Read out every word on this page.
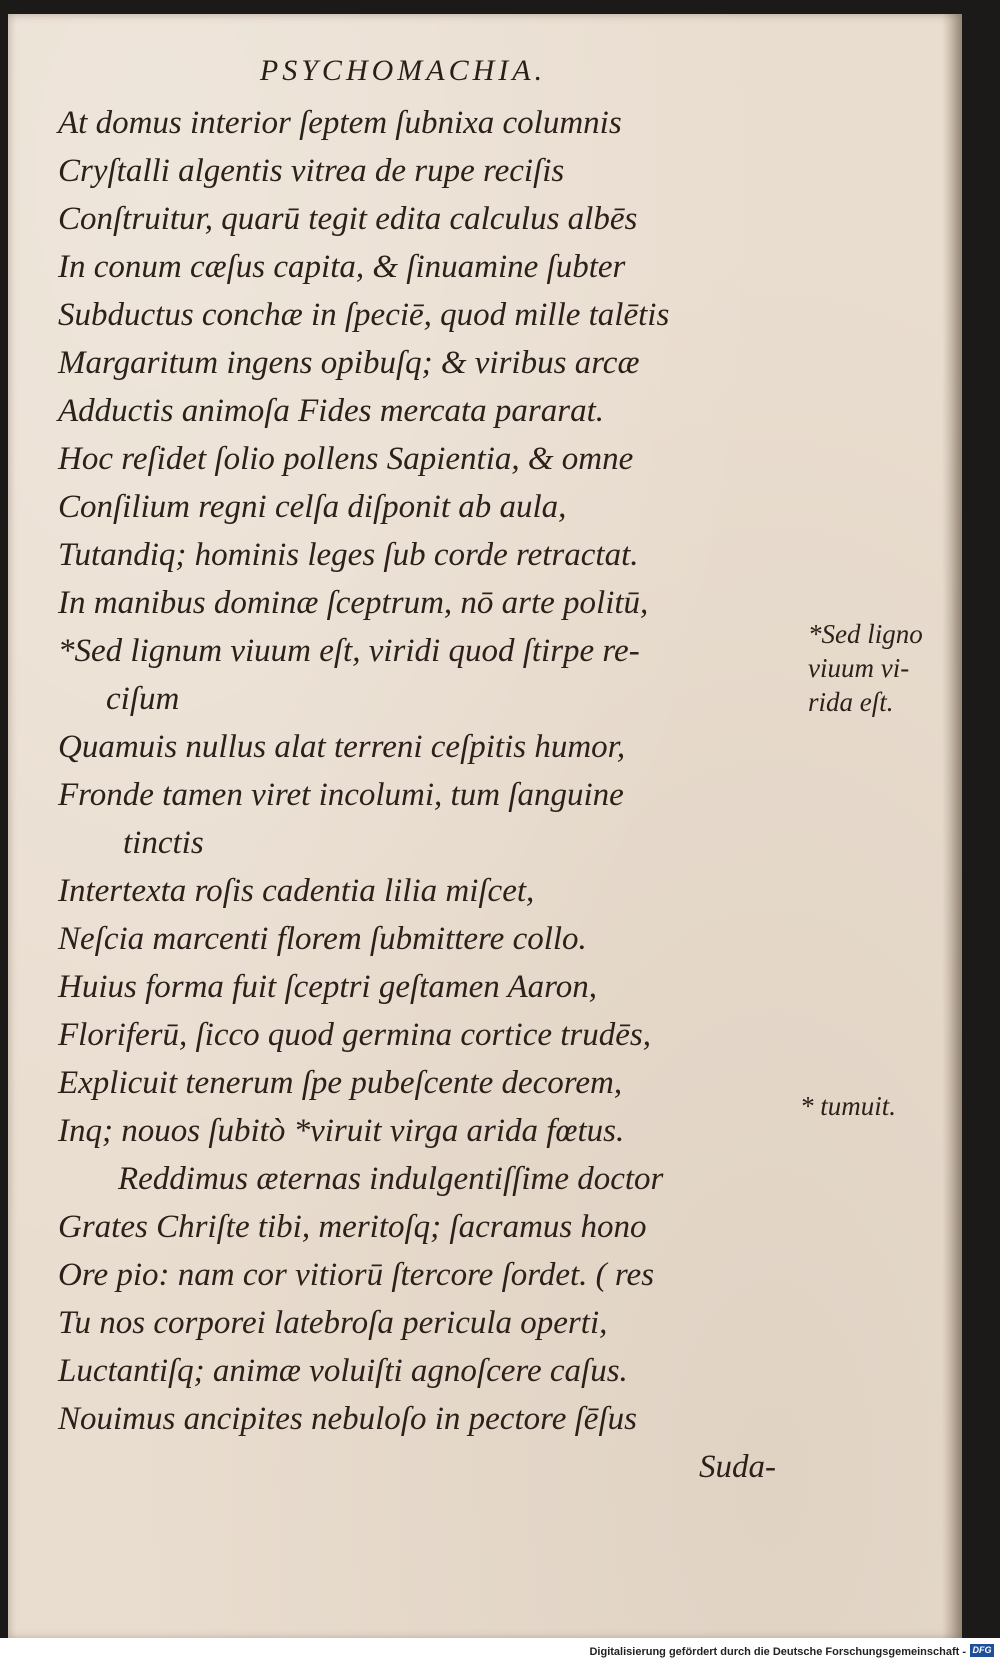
PSYCHOMACHIA.
At domus interior ſeptem ſubnixa columnis
Cryſtalli algentis vitrea de rupe reciſis
Conſtruitur, quarū tegit edita calculus albēs
In conum cæſus capita, & ſinuamine ſubter
Subductus conchæ in ſpeciē, quod mille talētis
Margaritum ingens opibuſq; & viribus arcæ
Adductis animoſa Fides mercata pararat.
Hoc reſidet ſolio pollens Sapientia, & omne
Conſilium regni celſa diſponit ab aula,
Tutandiq; hominis leges ſub corde retractat.
In manibus dominæ ſceptrum, nō arte politū,
*Sed lignum viuum eſt, viridi quod ſtirpe re-
ciſum
Quamuis nullus alat terreni ceſpitis humor,
Fronde tamen viret incolumi, tum ſanguine
tinctis
Intertexta roſis cadentia lilia miſcet,
Neſcia marcenti florem ſubmittere collo.
Huius forma fuit ſceptri geſtamen Aaron,
Floriferū, ſicco quod germina cortice trudēs,
Explicuit tenerum ſpe pubeſcente decorem,
Inq; nouos ſubitò *viruit virga arida fœtus.
Reddimus æternas indulgentiſſime doctor
Grates Chriſte tibi, meritoſq; ſacramus hono
Ore pio: nam cor vitiorū ſtercore ſordet. ( res
Tu nos corporei latebroſa pericula operti,
Luctantiſq; animæ voluiſti agnoſcere caſus.
Nouimus ancipites nebuloſo in pectore ſēſus
Suda-
*Sed ligno
viuum vi-
rida eſt.
* tumuit.
Digitalisierung gefördert durch die Deutsche Forschungsgemeinschaft - DFG
